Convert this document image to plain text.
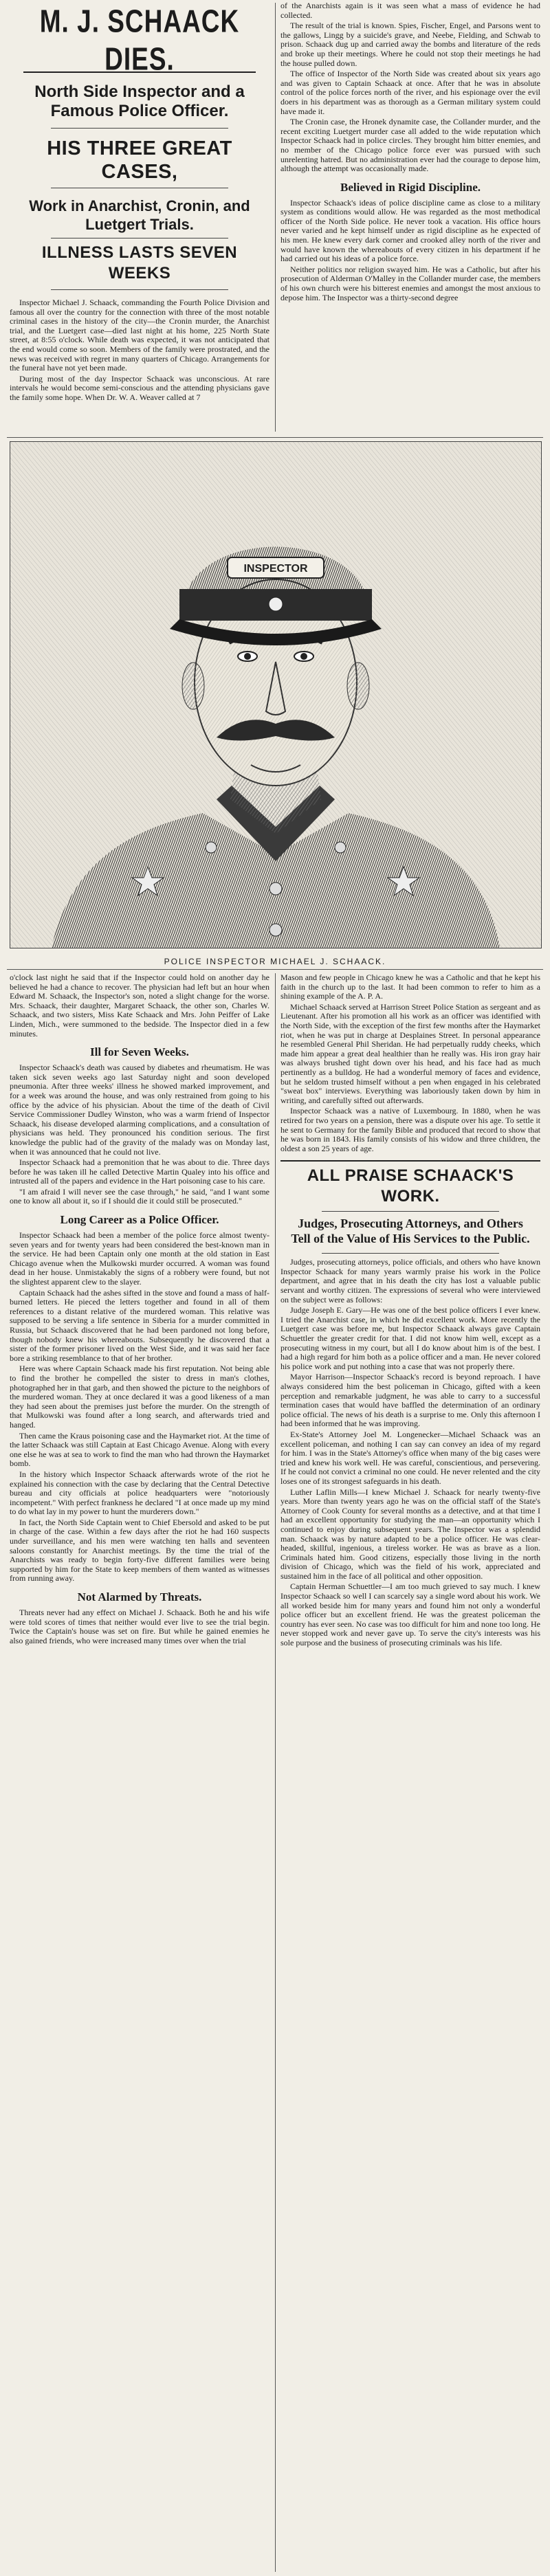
M. J. SCHAACK DIES.
North Side Inspector and a Famous Police Officer.
HIS THREE GREAT CASES,
Work in Anarchist, Cronin, and Luetgert Trials.
ILLNESS LASTS SEVEN WEEKS

Inspector Michael J. Schaack, commanding the Fourth Police Division and famous all over the country for the connection with three of the most notable criminal cases in the history of the city—the Cronin murder, the Anarchist trial, and the Luetgert case—died last night at his home, 225 North State street, at 8:55 o'clock. While death was expected, it was not anticipated that the end would come so soon. Members of the family were prostrated, and the news was received with regret in many quarters of Chicago. Arrangements for the funeral have not yet been made.

During most of the day Inspector Schaack was unconscious. At rare intervals he would become semi-conscious and the attending physicians gave the family some hope. When Dr. W. A. Weaver called at 7

of the Anarchists again is it was seen what a mass of evidence he had collected.

The result of the trial is known. Spies, Fischer, Engel, and Parsons went to the gallows, Lingg by a suicide's grave, and Neebe, Fielding, and Schwab to prison. Schaack dug up and carried away the bombs and literature of the reds and broke up their meetings. Where he could not stop their meetings he had the house pulled down.

The office of Inspector of the North Side was created about six years ago and was given to Captain Schaack at once. After that he was in absolute control of the police forces north of the river, and his espionage over the evil doers in his department was as thorough as a German military system could have made it.

The Cronin case, the Hronek dynamite case, the Collander murder, and the recent exciting Luetgert murder case all added to the wide reputation which Inspector Schaack had in police circles. They brought him bitter enemies, and no member of the Chicago police force ever was pursued with such unrelenting hatred. But no administration ever had the courage to depose him, although the attempt was occasionally made.

Believed in Rigid Discipline.

Inspector Schaack's ideas of police discipline came as close to a military system as conditions would allow. He was regarded as the most methodical officer of the North Side police. He never took a vacation. His office hours never varied and he kept himself under as rigid discipline as he expected of his men. He knew every dark corner and crooked alley north of the river and would have known the whereabouts of every citizen in his department if he had carried out his ideas of a police force.

Neither politics nor religion swayed him. He was a Catholic, but after his prosecution of Alderman O'Malley in the Collander murder case, the members of his own church were his bitterest enemies and amongst the most anxious to depose him. The Inspector was a thirty-second degree

INSPECTOR
POLICE INSPECTOR MICHAEL J. SCHAACK.

o'clock last night he said that if the Inspector could hold on another day he believed he had a chance to recover. The physician had left but an hour when Edward M. Schaack, the Inspector's son, noted a slight change for the worse. Mrs. Schaack, their daughter, Margaret Schaack, the other son, Charles W. Schaack, and two sisters, Miss Kate Schaack and Mrs. John Peiffer of Lake Linden, Mich., were summoned to the bedside. The Inspector died in a few minutes.

Ill for Seven Weeks.

Inspector Schaack's death was caused by diabetes and rheumatism. He was taken sick seven weeks ago last Saturday night and soon developed pneumonia. After three weeks' illness he showed marked improvement, and for a week was around the house, and was only restrained from going to his office by the advice of his physician. About the time of the death of Civil Service Commissioner Dudley Winston, who was a warm friend of Inspector Schaack, his disease developed alarming complications, and a consultation of physicians was held. They pronounced his condition serious. The first knowledge the public had of the gravity of the malady was on Monday last, when it was announced that he could not live.

Inspector Schaack had a premonition that he was about to die. Three days before he was taken ill he called Detective Martin Qualey into his office and intrusted all of the papers and evidence in the Hart poisoning case to his care.

"I am afraid I will never see the case through," he said, "and I want some one to know all about it, so if I should die it could still be prosecuted."

Long Career as a Police Officer.

Inspector Schaack had been a member of the police force almost twenty-seven years and for twenty years had been considered the best-known man in the service. He had been Captain only one month at the old station in East Chicago avenue when the Mulkowski murder occurred. A woman was found dead in her house. Unmistakably the signs of a robbery were found, but not the slightest apparent clew to the slayer.

Captain Schaack had the ashes sifted in the stove and found a mass of half-burned letters. He pieced the letters together and found in all of them references to a distant relative of the murdered woman. This relative was supposed to be serving a life sentence in Siberia for a murder committed in Russia, but Schaack discovered that he had been pardoned not long before, though nobody knew his whereabouts. Subsequently he discovered that a sister of the former prisoner lived on the West Side, and it was said her face bore a striking resemblance to that of her brother.

Here was where Captain Schaack made his first reputation. Not being able to find the brother he compelled the sister to dress in man's clothes, photographed her in that garb, and then showed the picture to the neighbors of the murdered woman. They at once declared it was a good likeness of a man they had seen about the premises just before the murder. On the strength of that Mulkowski was found after a long search, and afterwards tried and hanged.

Then came the Kraus poisoning case and the Haymarket riot. At the time of the latter Schaack was still Captain at East Chicago Avenue. Along with every one else he was at sea to work to find the man who had thrown the Haymarket bomb.

In the history which Inspector Schaack afterwards wrote of the riot he explained his connection with the case by declaring that the Central Detective bureau and city officials at police headquarters were "notoriously incompetent." With perfect frankness he declared "I at once made up my mind to do what lay in my power to hunt the murderers down."

In fact, the North Side Captain went to Chief Ebersold and asked to be put in charge of the case. Within a few days after the riot he had 160 suspects under surveillance, and his men were watching ten halls and seventeen saloons constantly for Anarchist meetings. By the time the trial of the Anarchists was ready to begin forty-five different families were being supported by him for the State to keep members of them wanted as witnesses from running away.

Not Alarmed by Threats.

Threats never had any effect on Michael J. Schaack. Both he and his wife were told scores of times that neither would ever live to see the trial begin. Twice the Captain's house was set on fire. But while he gained enemies he also gained friends, who were increased many times over when the trial

Mason and few people in Chicago knew he was a Catholic and that he kept his faith in the church up to the last. It had been common to refer to him as a shining example of the A. P. A.

Michael Schaack served at Harrison Street Police Station as sergeant and as Lieutenant. After his promotion all his work as an officer was identified with the North Side, with the exception of the first few months after the Haymarket riot, when he was put in charge at Desplaines Street. In personal appearance he resembled General Phil Sheridan. He had perpetually ruddy cheeks, which made him appear a great deal healthier than he really was. His iron gray hair was always brushed tight down over his head, and his face had as much pertinently as a bulldog. He had a wonderful memory of faces and evidence, but he seldom trusted himself without a pen when engaged in his celebrated "sweat box" interviews. Everything was laboriously taken down by him in writing, and carefully sifted out afterwards.

Inspector Schaack was a native of Luxembourg. In 1880, when he was retired for two years on a pension, there was a dispute over his age. To settle it he sent to Germany for the family Bible and produced that record to show that he was born in 1843. His family consists of his widow and three children, the oldest a son 25 years of age.

ALL PRAISE SCHAACK'S WORK.
Judges, Prosecuting Attorneys, and Others Tell of the Value of His Services to the Public.

Judges, prosecuting attorneys, police officials, and others who have known Inspector Schaack for many years warmly praise his work in the Police department, and agree that in his death the city has lost a valuable public servant and worthy citizen. The expressions of several who were interviewed on the subject were as follows:

Judge Joseph E. Gary—He was one of the best police officers I ever knew. I tried the Anarchist case, in which he did excellent work. More recently the Luetgert case was before me, but Inspector Schaack always gave Captain Schuettler the greater credit for that. I did not know him well, except as a prosecuting witness in my court, but all I do know about him is of the best. I had a high regard for him both as a police officer and a man. He never colored his police work and put nothing into a case that was not properly there.

Mayor Harrison—Inspector Schaack's record is beyond reproach. I have always considered him the best policeman in Chicago, gifted with a keen perception and remarkable judgment, he was able to carry to a successful termination cases that would have baffled the determination of an ordinary police official. The news of his death is a surprise to me. Only this afternoon I had been informed that he was improving.

Ex-State's Attorney Joel M. Longenecker—Michael Schaack was an excellent policeman, and nothing I can say can convey an idea of my regard for him. I was in the State's Attorney's office when many of the big cases were tried and knew his work well. He was careful, conscientious, and persevering. If he could not convict a criminal no one could. He never relented and the city loses one of its strongest safeguards in his death.

Luther Laflin Mills—I knew Michael J. Schaack for nearly twenty-five years. More than twenty years ago he was on the official staff of the State's Attorney of Cook County for several months as a detective, and at that time I had an excellent opportunity for studying the man—an opportunity which I continued to enjoy during subsequent years. The Inspector was a splendid man. Schaack was by nature adapted to be a police officer. He was clear-headed, skillful, ingenious, a tireless worker. He was as brave as a lion. Criminals hated him. Good citizens, especially those living in the north division of Chicago, which was the field of his work, appreciated and sustained him in the face of all political and other opposition.

Captain Herman Schuettler—I am too much grieved to say much. I knew Inspector Schaack so well I can scarcely say a single word about his work. We all worked beside him for many years and found him not only a wonderful police officer but an excellent friend. He was the greatest policeman the country has ever seen. No case was too difficult for him and none too long. He never stopped work and never gave up. To serve the city's interests was his sole purpose and the business of prosecuting criminals was his life.
